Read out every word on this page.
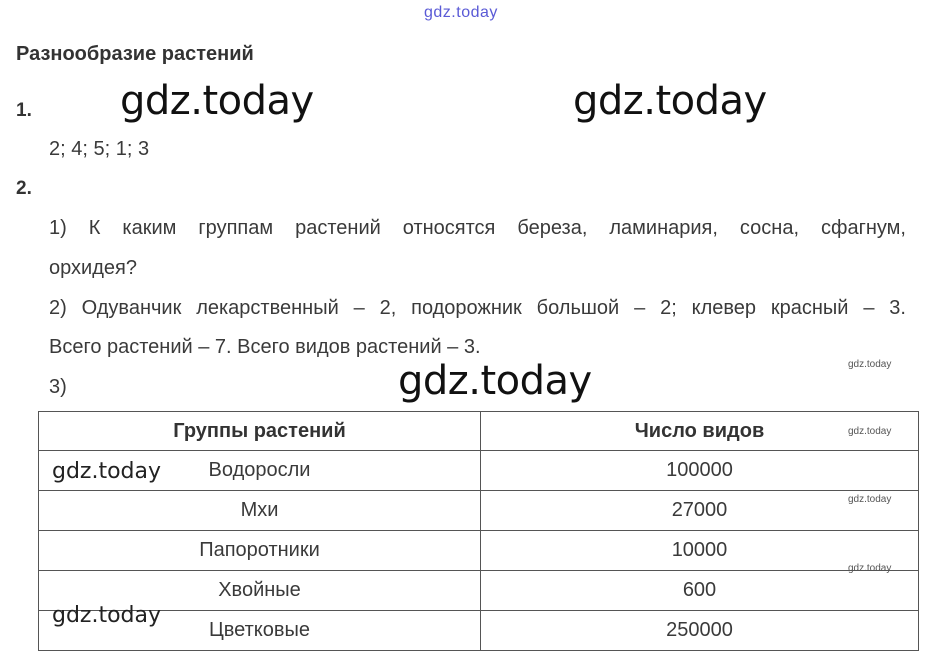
gdz.today
Разнообразие растений
1. gdz.today	gdz.today
2; 4; 5; 1; 3
2.
1) К каким группам растений относятся береза, ламинария, сосна, сфагнум,
орхидея?
2) Одуванчик лекарственный – 2, подорожник большой – 2; клевер красный – 3.
Всего растений – 7. Всего видов растений – 3.
gdz.today
3)	gdz.today
Группы растений	Число видов
Водоросли	100000
Мхи	27000
Папоротники	10000
Хвойные	600
Цветковые	250000
gdz.today
gdz.today
gdz.today
gdz.today
gdz.today
